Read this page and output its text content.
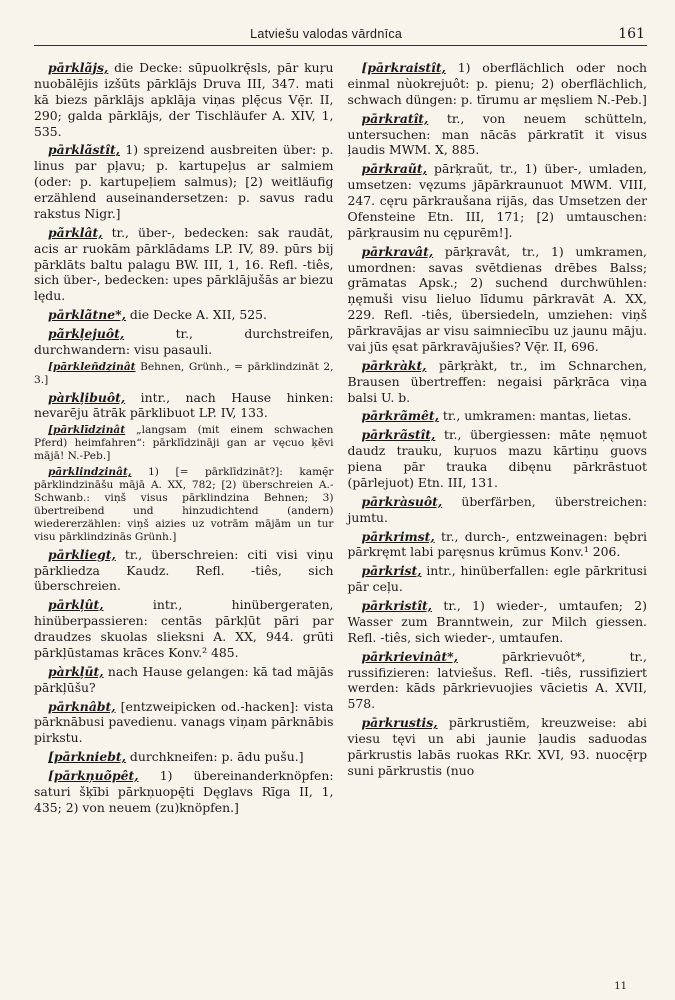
Latviešu valodas vārdnīca	161

pārklãjs, die Decke: sūpuolkrę̄sls, pār kuŗu nuobālējis izšūts pārklājs Druva III, 347. mati kā biezs pārklājs apklāja viņas plę̄cus Vę̄r. II, 290; galda pārklājs, der Tischläufer A. XIV, 1, 535.

pārklãstît, 1) spreizend ausbreiten über: p. linus par pļavu; p. kartupeļus ar salmiem (oder: p. kartupeļiem salmus); [2) weitläufig erzählend auseinandersetzen: p. savus radu rakstus Nigr.]

pãrklât, tr., über-, bedecken: sak raudāt, acis ar ruokām pārklādams LP. IV, 89. pūrs bij pārklāts baltu palagu BW. III, 1, 16. Refl. -tiês, sich über-, bedecken: upes pārklājušās ar biezu lędu.

pārklãtne*, die Decke A. XII, 525.

pãrkļejuôt, tr., durchstreifen, durchwandern: visu pasauli.

[pārkleñdzinât Behnen, Grünh., = pārklindzināt 2, 3.]

pàrkļibuôt, intr., nach Hause hinken: nevarēju ātrāk pārklibuot LP. IV, 133.

[pārklīdzinât „langsam (mit einem schwachen Pferd) heimfahren“: pārklīdzināji gan ar vęcuo ķēvi mājā! N.-Peb.]

pārklindzinât, 1) [= pārklīdzināt?]: kamę̄r pārklindzināšu mājā A. XX, 782; [2) überschreien A.-Schwanb.: viņš visus pārklindzina Behnen; 3) übertreibend und hinzudichtend (andern) wiedererzählen: viņš aizies uz votrām mājām un tur visu pārklindzinās Grünh.]

pārkliegt, tr., überschreien: citi visi viņu pārkliedza Kaudz. Refl. -tiês, sich überschreien.

pārkļût, intr., hinübergeraten, hinüberpassieren: centās pārkļūt pāri par draudzes skuolas slieksni A. XX, 944. grūti pārkļūstamas krāces Konv.² 485.

pàrkļūt, nach Hause gelangen: kā tad mājās pārkļūšu?

pārknâbt, [entzweipicken od.-hacken]: vista pārknābusi pavedienu. vanags viņam pārknābis pirkstu.

[pārkniebt, durchkneifen: p. ādu pušu.]

[pārkņuõpêt, 1) übereinanderknöpfen: saturi šķībi pārkņuopę̄ti Dęglavs Rīga II, 1, 435; 2) von neuem (zu)knöpfen.]

[pārkraistît, 1) oberflächlich oder noch einmal nùokrejuôt: p. pienu; 2) oberflächlich, schwach düngen: p. tīrumu ar męsliem N.-Peb.]

pārkratît, tr., von neuem schütteln, untersuchen: man nācās pārkratīt it visus ļaudis MWM. X, 885.

pārkraũt, pārķraũt, tr., 1) über-, umladen, umsetzen: vęzums jāpārkraunuot MWM. VIII, 247. cęru pārkraušana rijās, das Umsetzen der Ofensteine Etn. III, 171; [2) umtauschen: pārķrausim nu cępurēm!].

pārkravât, pārķravât, tr., 1) umkramen, umordnen: savas svētdienas drēbes Balss; grāmatas Apsk.; 2) suchend durchwühlen: ņęmuši visu lieluo līdumu pārkravāt A. XX, 229. Refl. -tiês, übersiedeln, umziehen: viņš pārkravājas ar visu saimniecību uz jaunu māju. vai jūs ęsat pārkravājušies? Vę̄r. II, 696.

pārkràkt, pārķràkt, tr., im Schnarchen, Brausen übertreffen: negaisi pārķrāca viņa balsi U. b.

pārkrãmêt, tr., umkramen: mantas, lietas.

pārkrãstît, tr., übergiessen: māte ņęmuot daudz trauku, kuŗuos mazu kārtiņu guovs piena pār trauka dibęnu pārkrāstuot (pārlejuot) Etn. III, 131.

pārkràsuôt, überfärben, überstreichen: jumtu.

pārkrimst, tr., durch-, entzweinagen: bębri pārkręmt labi paręsnus krūmus Konv.¹ 206.

pārkrist, intr., hinüberfallen: egle pārkritusi pār ceļu.

pārkristît, tr., 1) wieder-, umtaufen; 2) Wasser zum Branntwein, zur Milch giessen. Refl. -tiês, sich wieder-, umtaufen.

pārkrievinât*, pārkrievuôt*, tr., russifizieren: latviešus. Refl. -tiês, russifiziert werden: kāds pārkrievuojies vācietis A. XVII, 578.

pārkrustis, pārkrustiẽm, kreuzweise: abi viesu tęvi un abi jaunie ļaudis saduodas pārkrustis labās ruokas RKr. XVI, 93. nuocę̄rp suni pārkrustis (nuo

11
